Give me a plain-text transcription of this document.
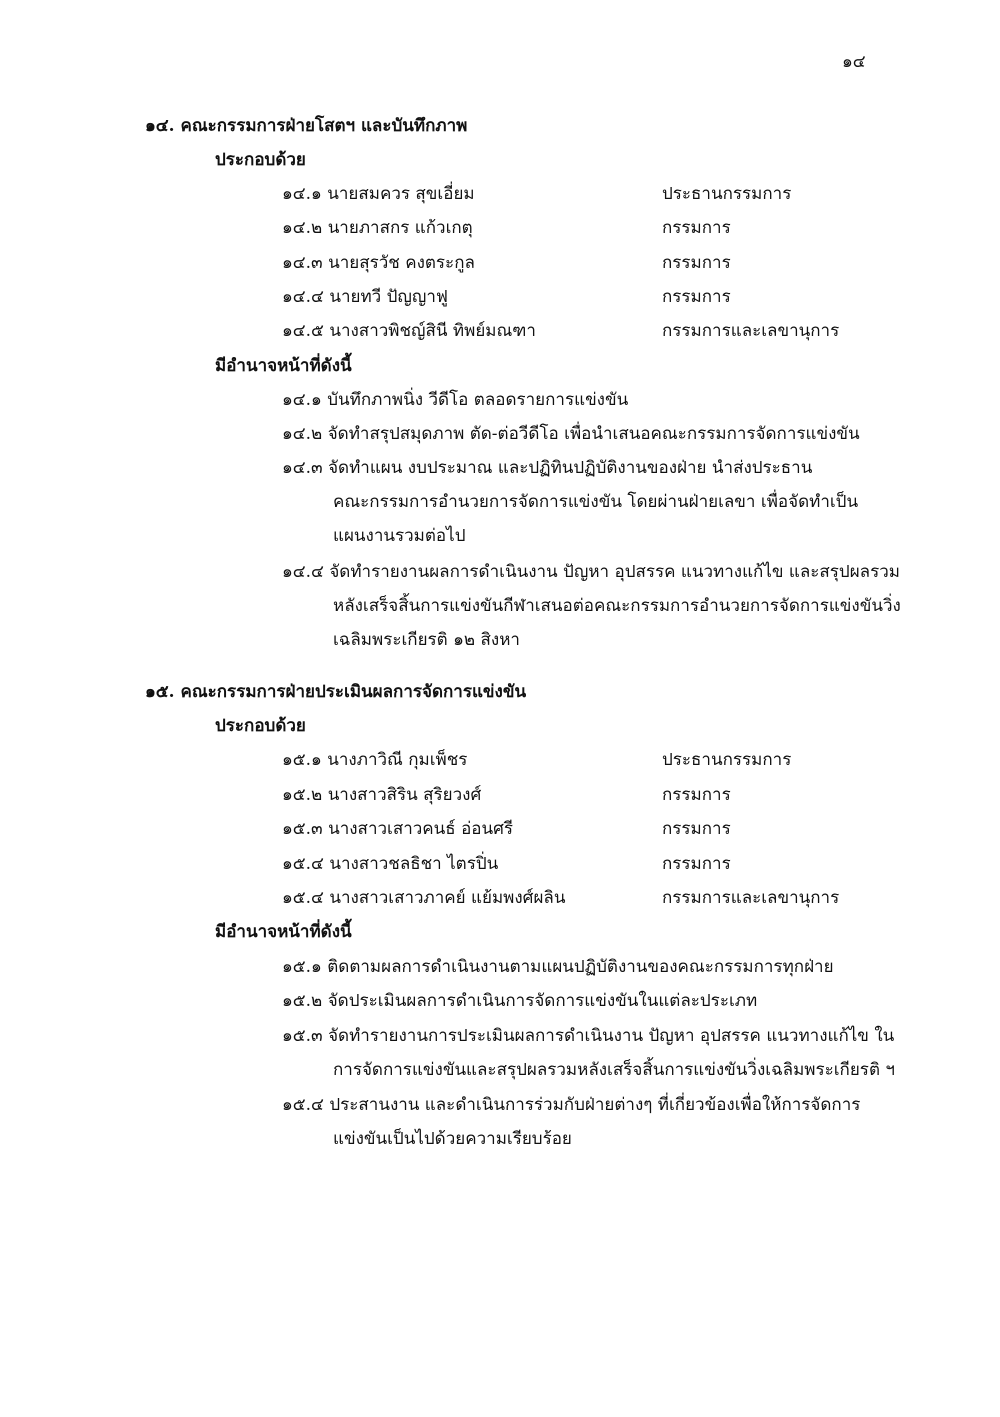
๑๔
๑๔. คณะกรรมการฝ่ายโสตฯ และบันทึกภาพ
ประกอบด้วย
๑๔.๑ นายสมควร สุขเอี่ยม	ประธานกรรมการ
๑๔.๒ นายภาสกร แก้วเกตุ	กรรมการ
๑๔.๓ นายสุรวัช คงตระกูล	กรรมการ
๑๔.๔ นายทวี ปัญญาฟู	กรรมการ
๑๔.๕ นางสาวพิชญ์สินี ทิพย์มณฑา	กรรมการและเลขานุการ
มีอำนาจหน้าที่ดังนี้
๑๔.๑ บันทึกภาพนิ่ง วีดีโอ ตลอดรายการแข่งขัน
๑๔.๒ จัดทำสรุปสมุดภาพ ตัด-ต่อวีดีโอ เพื่อนำเสนอคณะกรรมการจัดการแข่งขัน
๑๔.๓ จัดทำแผน งบประมาณ และปฏิทินปฏิบัติงานของฝ่าย นำส่งประธาน
คณะกรรมการอำนวยการจัดการแข่งขัน โดยผ่านฝ่ายเลขา เพื่อจัดทำเป็น
แผนงานรวมต่อไป
๑๔.๔ จัดทำรายงานผลการดำเนินงาน ปัญหา อุปสรรค แนวทางแก้ไข และสรุปผลรวม
หลังเสร็จสิ้นการแข่งขันกีฬาเสนอต่อคณะกรรมการอำนวยการจัดการแข่งขันวิ่ง
เฉลิมพระเกียรติ ๑๒ สิงหา
๑๕. คณะกรรมการฝ่ายประเมินผลการจัดการแข่งขัน
ประกอบด้วย
๑๕.๑ นางภาวิณี กุมเพ็ชร	ประธานกรรมการ
๑๕.๒ นางสาวสิริน สุริยวงศ์	กรรมการ
๑๕.๓ นางสาวเสาวคนธ์ อ่อนศรี	กรรมการ
๑๕.๔ นางสาวชลธิชา ไตรปิ่น	กรรมการ
๑๕.๔ นางสาวเสาวภาคย์ แย้มพงศ์ผลิน	กรรมการและเลขานุการ
มีอำนาจหน้าที่ดังนี้
๑๕.๑ ติดตามผลการดำเนินงานตามแผนปฏิบัติงานของคณะกรรมการทุกฝ่าย
๑๕.๒ จัดประเมินผลการดำเนินการจัดการแข่งขันในแต่ละประเภท
๑๕.๓ จัดทำรายงานการประเมินผลการดำเนินงาน ปัญหา อุปสรรค แนวทางแก้ไข ใน
การจัดการแข่งขันและสรุปผลรวมหลังเสร็จสิ้นการแข่งขันวิ่งเฉลิมพระเกียรติ ฯ
๑๕.๔ ประสานงาน และดำเนินการร่วมกับฝ่ายต่างๆ ที่เกี่ยวข้องเพื่อให้การจัดการ
แข่งขันเป็นไปด้วยความเรียบร้อย
